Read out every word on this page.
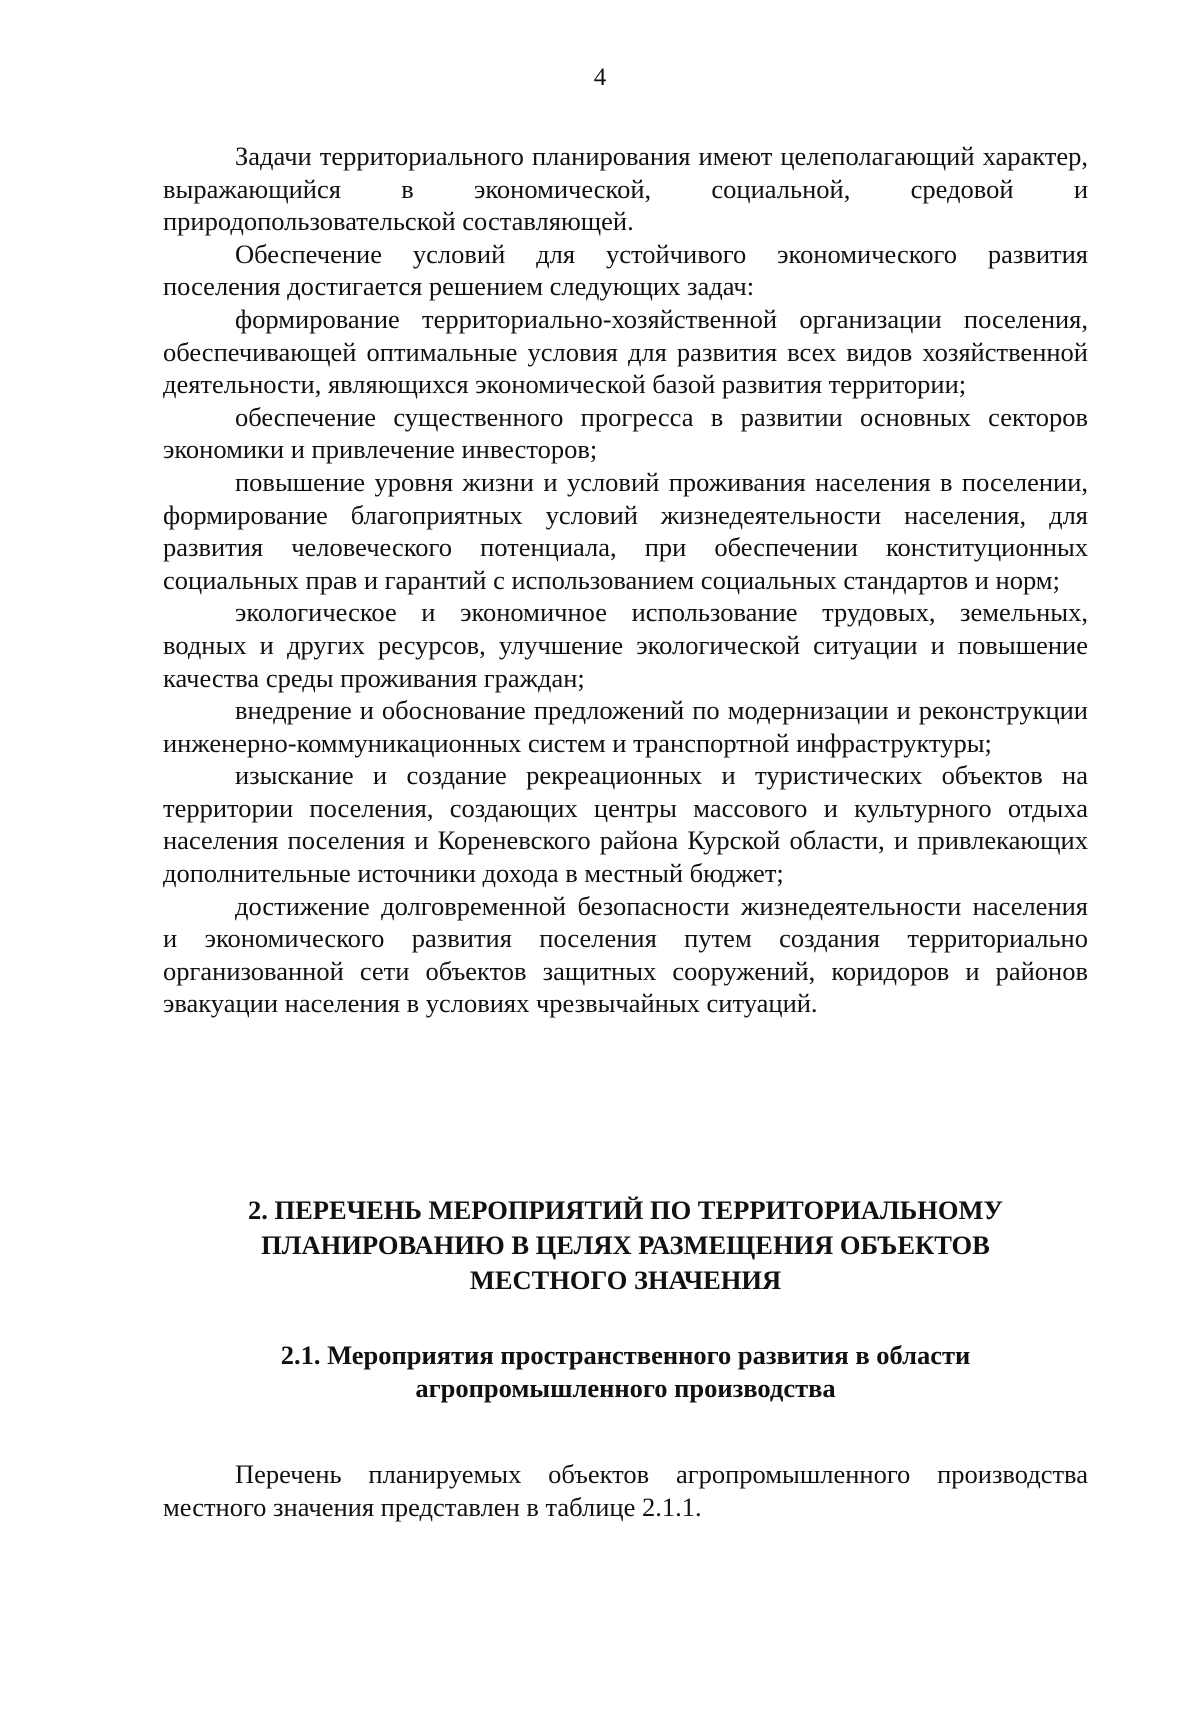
4

Задачи территориального планирования имеют целеполагающий характер, выражающийся в экономической, социальной, средовой и природопользовательской составляющей.

Обеспечение условий для устойчивого экономического развития поселения достигается решением следующих задач:

формирование территориально-хозяйственной организации поселения, обеспечивающей оптимальные условия для развития всех видов хозяйственной деятельности, являющихся экономической базой развития территории;

обеспечение существенного прогресса в развитии основных секторов экономики и привлечение инвесторов;

повышение уровня жизни и условий проживания населения в поселении, формирование благоприятных условий жизнедеятельности населения, для развития человеческого потенциала, при обеспечении конституционных социальных прав и гарантий с использованием социальных стандартов и норм;

экологическое и экономичное использование трудовых, земельных, водных и других ресурсов, улучшение экологической ситуации и повышение качества среды проживания граждан;

внедрение и обоснование предложений по модернизации и реконструкции инженерно-коммуникационных систем и транспортной инфраструктуры;

изыскание и создание рекреационных и туристических объектов на территории поселения, создающих центры массового и культурного отдыха населения поселения и Кореневского района Курской области, и привлекающих дополнительные источники дохода в местный бюджет;

достижение долговременной безопасности жизнедеятельности населения и экономического развития поселения путем создания территориально организованной сети объектов защитных сооружений, коридоров и районов эвакуации населения в условиях чрезвычайных ситуаций.

2. ПЕРЕЧЕНЬ МЕРОПРИЯТИЙ ПО ТЕРРИТОРИАЛЬНОМУ
ПЛАНИРОВАНИЮ В ЦЕЛЯХ РАЗМЕЩЕНИЯ ОБЪЕКТОВ
МЕСТНОГО ЗНАЧЕНИЯ
2.1. Мероприятия пространственного развития в области
агропромышленного производства

Перечень планируемых объектов агропромышленного производства местного значения представлен в таблице 2.1.1.
